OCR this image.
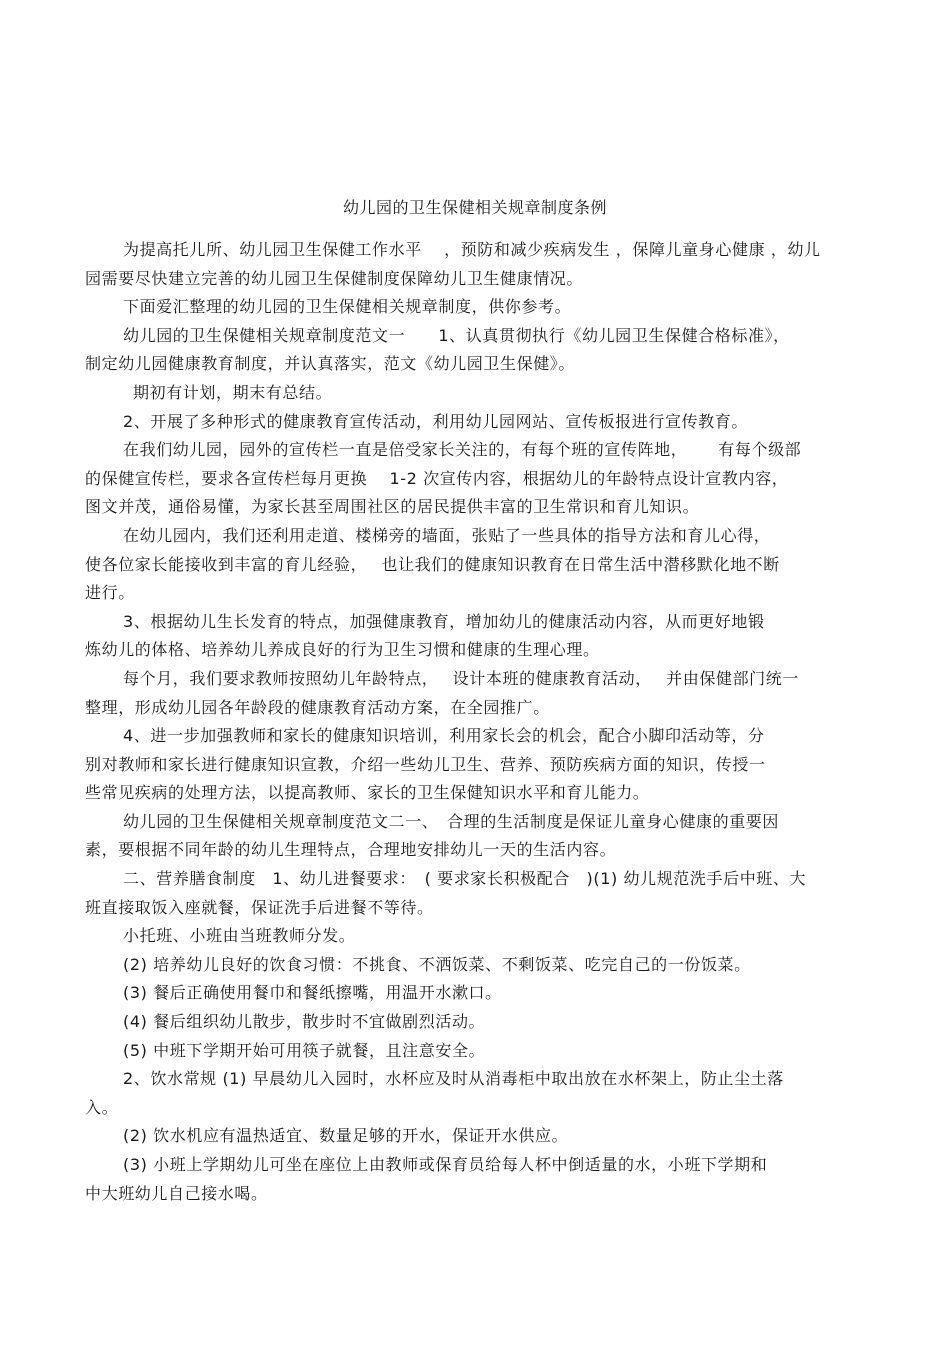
幼儿园的卫生保健相关规章制度条例
为提高托儿所、幼儿园卫生保健工作水平　 ，预防和减少疾病发生 ，保障儿童身心健康 ，幼儿
园需要尽快建立完善的幼儿园卫生保健制度保障幼儿卫生健康情况。
下面爱汇整理的幼儿园的卫生保健相关规章制度，供你参考。
幼儿园的卫生保健相关规章制度范文一　　1、认真贯彻执行《幼儿园卫生保健合格标准》，
制定幼儿园健康教育制度，并认真落实，范文《幼儿园卫生保健》。
期初有计划，期末有总结。
2、开展了多种形式的健康教育宣传活动，利用幼儿园网站、宣传板报进行宣传教育。
在我们幼儿园，园外的宣传栏一直是倍受家长关注的，有每个班的宣传阵地，　　 有每个级部
的保健宣传栏，要求各宣传栏每月更换　 1-2 次宣传内容，根据幼儿的年龄特点设计宣教内容，
图文并茂，通俗易懂，为家长甚至周围社区的居民提供丰富的卫生常识和育儿知识。
在幼儿园内，我们还利用走道、楼梯旁的墙面，张贴了一些具体的指导方法和育儿心得，
使各位家长能接收到丰富的育儿经验，　 也让我们的健康知识教育在日常生活中潜移默化地不断
进行。
3、根据幼儿生长发育的特点，加强健康教育，增加幼儿的健康活动内容，从而更好地锻
炼幼儿的体格、培养幼儿养成良好的行为卫生习惯和健康的生理心理。
每个月，我们要求教师按照幼儿年龄特点，　 设计本班的健康教育活动，　 并由保健部门统一
整理，形成幼儿园各年龄段的健康教育活动方案，在全园推广。
4、进一步加强教师和家长的健康知识培训，利用家长会的机会，配合小脚印活动等，分
别对教师和家长进行健康知识宣教，介绍一些幼儿卫生、营养、预防疾病方面的知识，传授一
些常见疾病的处理方法，以提高教师、家长的卫生保健知识水平和育儿能力。
幼儿园的卫生保健相关规章制度范文二一、　合理的生活制度是保证儿童身心健康的重要因
素，要根据不同年龄的幼儿生理特点，合理地安排幼儿一天的生活内容。
二、营养膳食制度　1、幼儿进餐要求：　( 要求家长积极配合　)(1) 幼儿规范洗手后中班、大
班直接取饭入座就餐，保证洗手后进餐不等待。
小托班、小班由当班教师分发。
(2) 培养幼儿良好的饮食习惯：不挑食、不洒饭菜、不剩饭菜、吃完自己的一份饭菜。
(3) 餐后正确使用餐巾和餐纸擦嘴，用温开水漱口。
(4) 餐后组织幼儿散步，散步时不宜做剧烈活动。
(5) 中班下学期开始可用筷子就餐，且注意安全。
2、饮水常规 (1) 早晨幼儿入园时，水杯应及时从消毒柜中取出放在水杯架上，防止尘土落
入。
(2) 饮水机应有温热适宜、数量足够的开水，保证开水供应。
(3) 小班上学期幼儿可坐在座位上由教师或保育员给每人杯中倒适量的水，小班下学期和
中大班幼儿自己接水喝。
